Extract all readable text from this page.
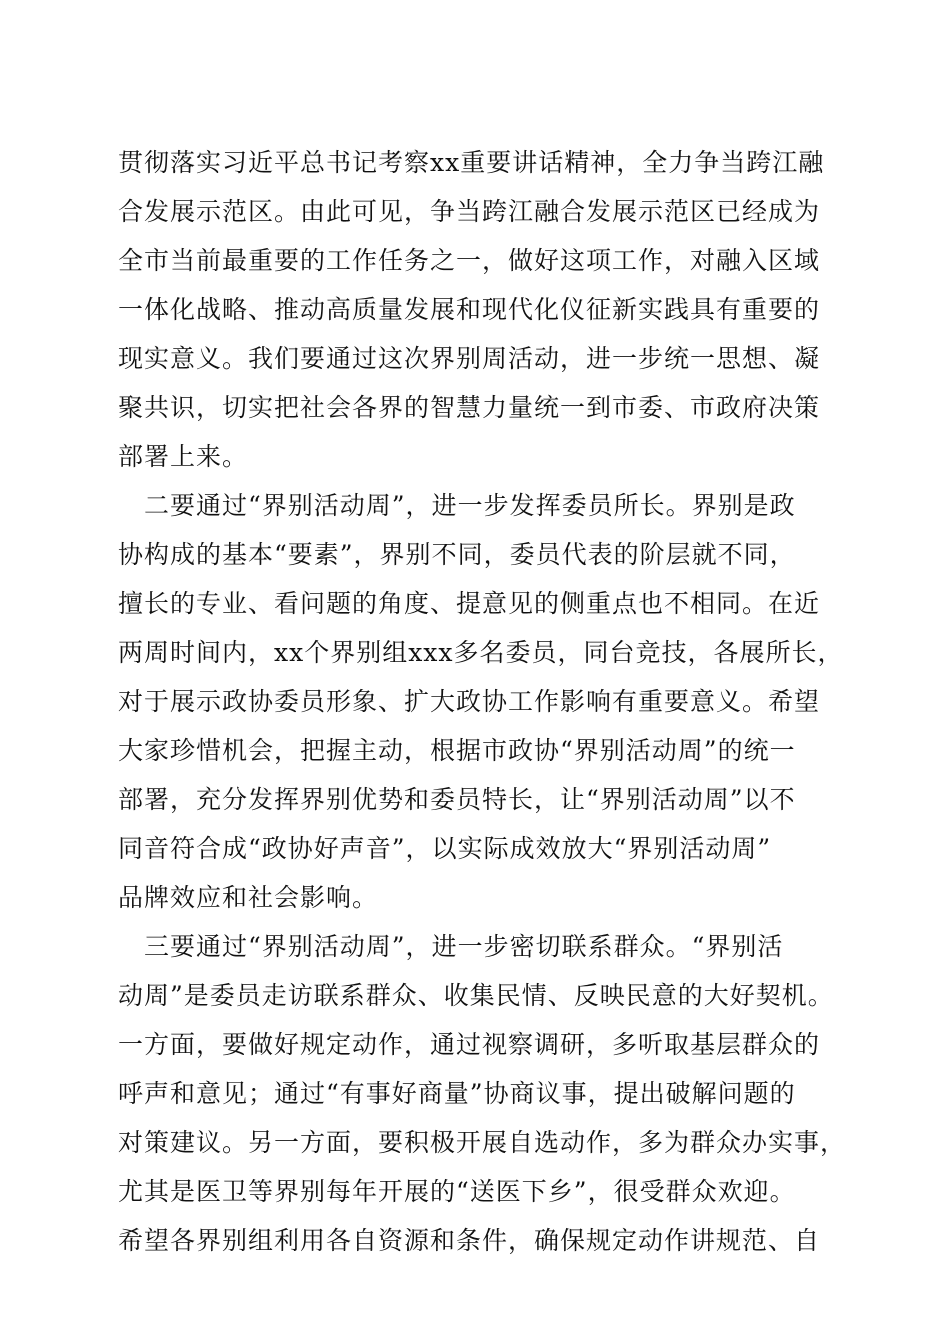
贯彻落实习近平总书记考察xx重要讲话精神，全力争当跨江融
合发展示范区。由此可见，争当跨江融合发展示范区已经成为
全市当前最重要的工作任务之一，做好这项工作，对融入区域
一体化战略、推动高质量发展和现代化仪征新实践具有重要的
现实意义。我们要通过这次界别周活动，进一步统一思想、凝
聚共识，切实把社会各界的智慧力量统一到市委、市政府决策
部署上来。
　二要通过“界别活动周”，进一步发挥委员所长。界别是政
协构成的基本“要素”，界别不同，委员代表的阶层就不同，
擅长的专业、看问题的角度、提意见的侧重点也不相同。在近
两周时间内，xx个界别组xxx多名委员，同台竞技，各展所长，
对于展示政协委员形象、扩大政协工作影响有重要意义。希望
大家珍惜机会，把握主动，根据市政协“界别活动周”的统一
部署，充分发挥界别优势和委员特长，让“界别活动周”以不
同音符合成“政协好声音”，以实际成效放大“界别活动周”
品牌效应和社会影响。
　三要通过“界别活动周”，进一步密切联系群众。“界别活
动周”是委员走访联系群众、收集民情、反映民意的大好契机。
一方面，要做好规定动作，通过视察调研，多听取基层群众的
呼声和意见；通过“有事好商量”协商议事，提出破解问题的
对策建议。另一方面，要积极开展自选动作，多为群众办实事，
尤其是医卫等界别每年开展的“送医下乡”，很受群众欢迎。
希望各界别组利用各自资源和条件，确保规定动作讲规范、自
